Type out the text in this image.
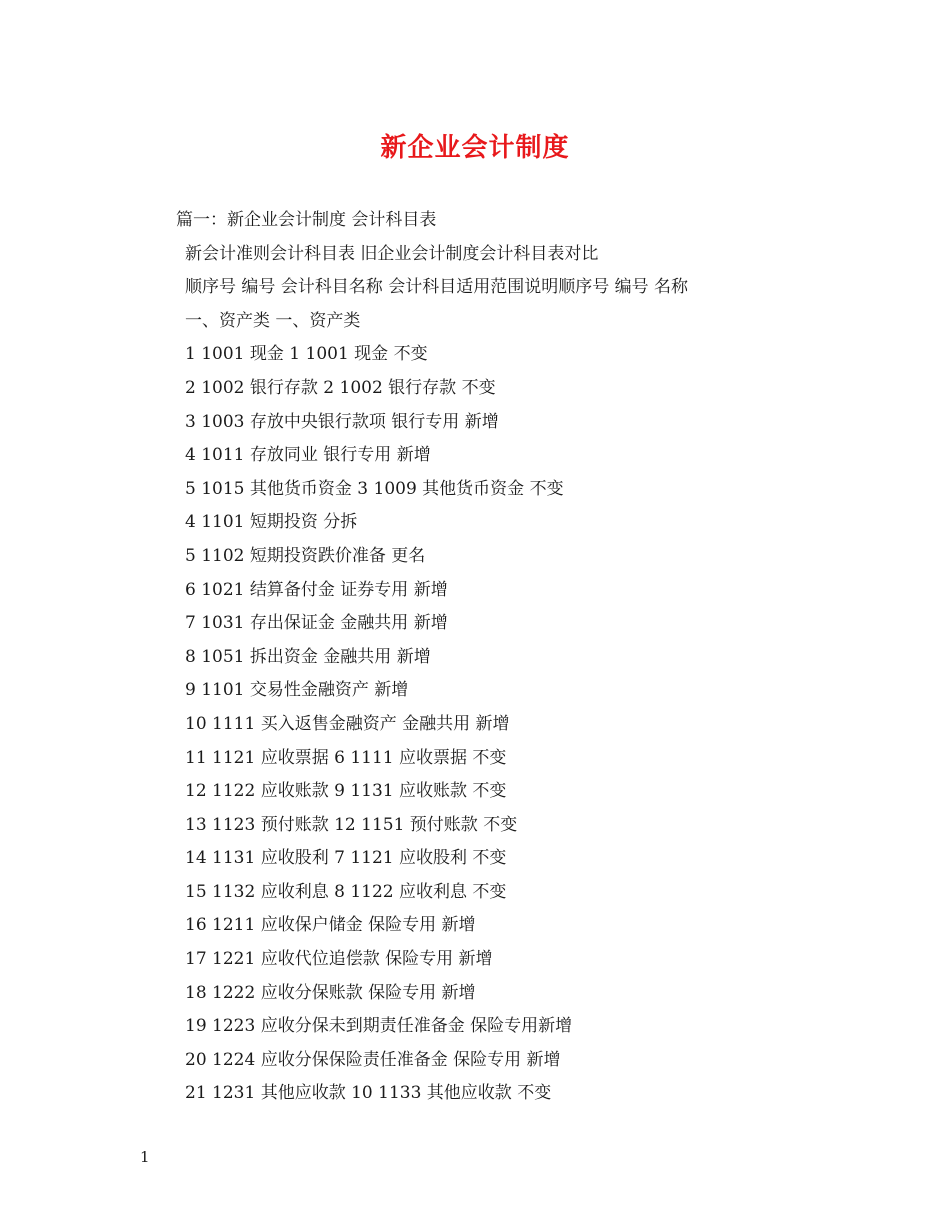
新企业会计制度
篇一：新企业会计制度 会计科目表
新会计准则会计科目表 旧企业会计制度会计科目表对比
顺序号 编号 会计科目名称 会计科目适用范围说明顺序号 编号 名称
一、资产类 一、资产类
1 1001 现金 1 1001 现金 不变
2 1002 银行存款 2 1002 银行存款 不变
3 1003 存放中央银行款项 银行专用 新增
4 1011 存放同业 银行专用 新增
5 1015 其他货币资金 3 1009 其他货币资金 不变
4 1101 短期投资 分拆
5 1102 短期投资跌价准备 更名
6 1021 结算备付金 证券专用 新增
7 1031 存出保证金 金融共用 新增
8 1051 拆出资金 金融共用 新增
9 1101 交易性金融资产 新增
10 1111 买入返售金融资产 金融共用 新增
11 1121 应收票据 6 1111 应收票据 不变
12 1122 应收账款 9 1131 应收账款 不变
13 1123 预付账款 12 1151 预付账款 不变
14 1131 应收股利 7 1121 应收股利 不变
15 1132 应收利息 8 1122 应收利息 不变
16 1211 应收保户储金 保险专用 新增
17 1221 应收代位追偿款 保险专用 新增
18 1222 应收分保账款 保险专用 新增
19 1223 应收分保未到期责任准备金 保险专用新增
20 1224 应收分保保险责任准备金 保险专用 新增
21 1231 其他应收款 10 1133 其他应收款 不变
1
